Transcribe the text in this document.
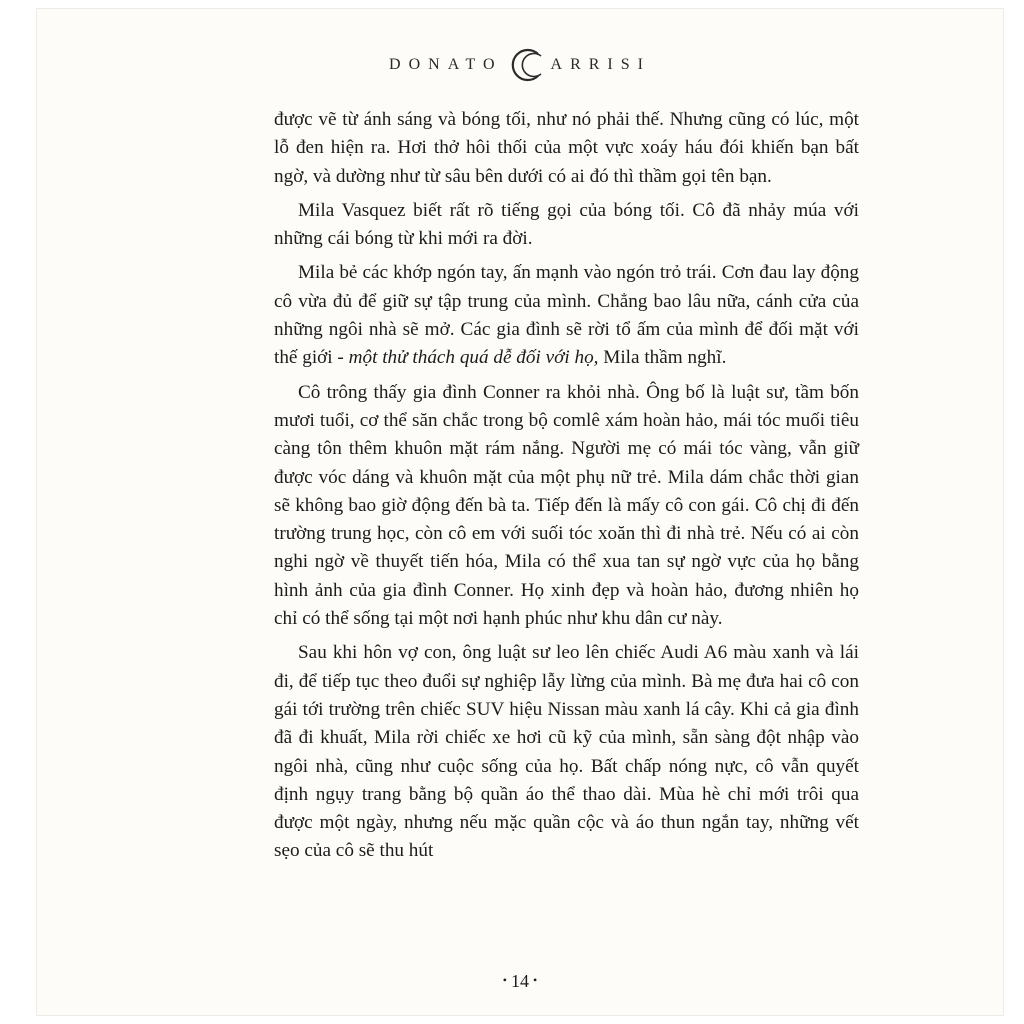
DONATO	ARRISI

được vẽ từ ánh sáng và bóng tối, như nó phải thế. Nhưng cũng có lúc, một lỗ đen hiện ra. Hơi thở hôi thối của một vực xoáy háu đói khiến bạn bất ngờ, và dường như từ sâu bên dưới có ai đó thì thầm gọi tên bạn.

Mila Vasquez biết rất rõ tiếng gọi của bóng tối. Cô đã nhảy múa với những cái bóng từ khi mới ra đời.

Mila bẻ các khớp ngón tay, ấn mạnh vào ngón trỏ trái. Cơn đau lay động cô vừa đủ để giữ sự tập trung của mình. Chẳng bao lâu nữa, cánh cửa của những ngôi nhà sẽ mở. Các gia đình sẽ rời tổ ấm của mình để đối mặt với thế giới - một thử thách quá dễ đối với họ, Mila thầm nghĩ.

Cô trông thấy gia đình Conner ra khỏi nhà. Ông bố là luật sư, tầm bốn mươi tuổi, cơ thể săn chắc trong bộ comlê xám hoàn hảo, mái tóc muối tiêu càng tôn thêm khuôn mặt rám nắng. Người mẹ có mái tóc vàng, vẫn giữ được vóc dáng và khuôn mặt của một phụ nữ trẻ. Mila dám chắc thời gian sẽ không bao giờ động đến bà ta. Tiếp đến là mấy cô con gái. Cô chị đi đến trường trung học, còn cô em với suối tóc xoăn thì đi nhà trẻ. Nếu có ai còn nghi ngờ về thuyết tiến hóa, Mila có thể xua tan sự ngờ vực của họ bằng hình ảnh của gia đình Conner. Họ xinh đẹp và hoàn hảo, đương nhiên họ chỉ có thể sống tại một nơi hạnh phúc như khu dân cư này.

Sau khi hôn vợ con, ông luật sư leo lên chiếc Audi A6 màu xanh và lái đi, để tiếp tục theo đuổi sự nghiệp lẫy lừng của mình. Bà mẹ đưa hai cô con gái tới trường trên chiếc SUV hiệu Nissan màu xanh lá cây. Khi cả gia đình đã đi khuất, Mila rời chiếc xe hơi cũ kỹ của mình, sẵn sàng đột nhập vào ngôi nhà, cũng như cuộc sống của họ. Bất chấp nóng nực, cô vẫn quyết định ngụy trang bằng bộ quần áo thể thao dài. Mùa hè chỉ mới trôi qua được một ngày, nhưng nếu mặc quần cộc và áo thun ngắn tay, những vết sẹo của cô sẽ thu hút

• 14 •
